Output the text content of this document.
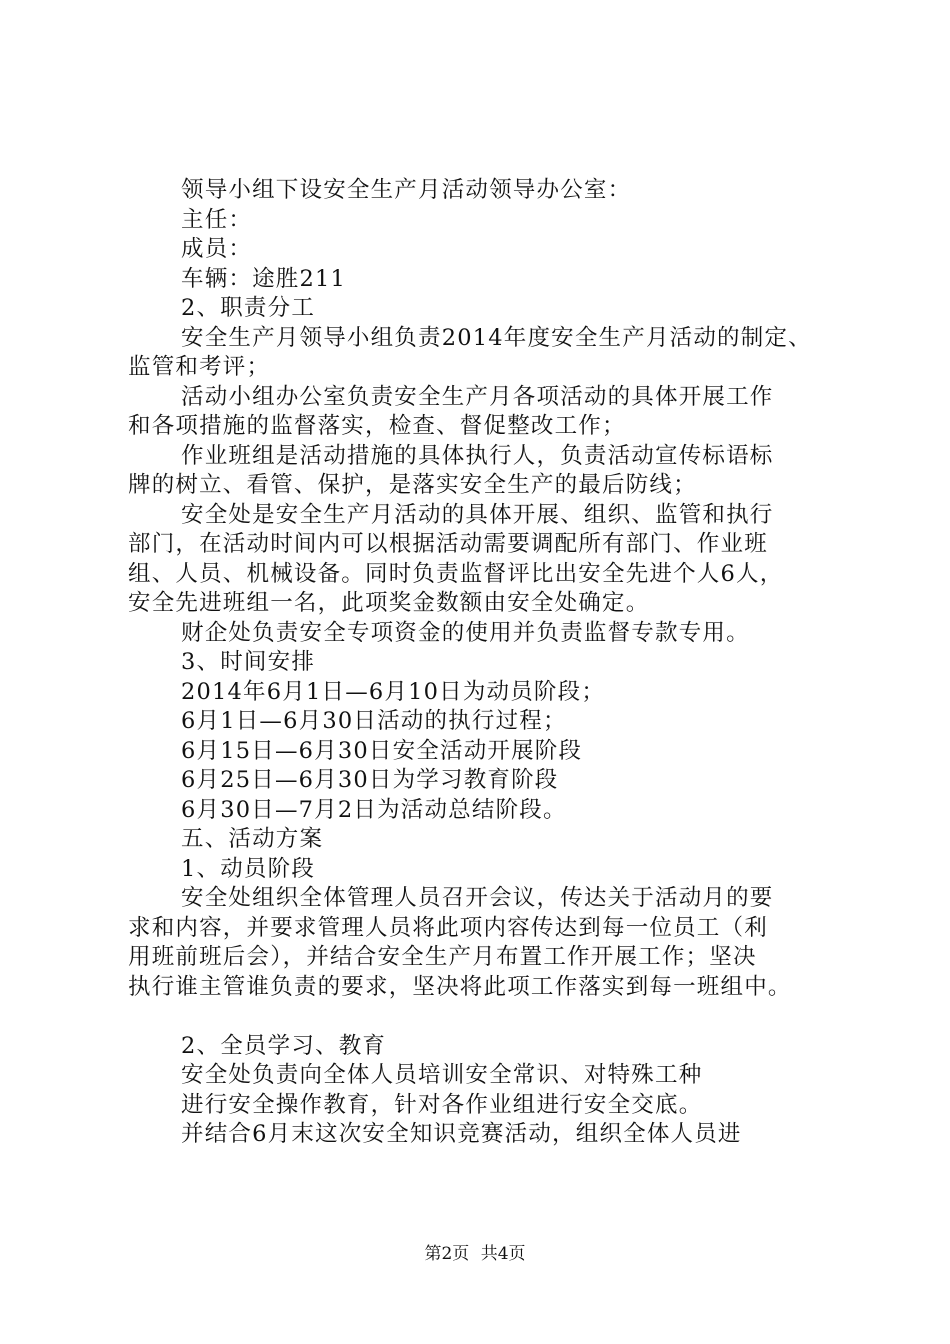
领导小组下设安全生产月活动领导办公室：
主任：
成员：
车辆：途胜211
2、职责分工
安全生产月领导小组负责2014年度安全生产月活动的制定、
监管和考评；
活动小组办公室负责安全生产月各项活动的具体开展工作
和各项措施的监督落实，检查、督促整改工作；
作业班组是活动措施的具体执行人，负责活动宣传标语标
牌的树立、看管、保护，是落实安全生产的最后防线；
安全处是安全生产月活动的具体开展、组织、监管和执行
部门，在活动时间内可以根据活动需要调配所有部门、作业班
组、人员、机械设备。同时负责监督评比出安全先进个人6人，
安全先进班组一名，此项奖金数额由安全处确定。
财企处负责安全专项资金的使用并负责监督专款专用。
3、时间安排
2014年6月1日—6月10日为动员阶段；
6月1日—6月30日活动的执行过程；
6月15日—6月30日安全活动开展阶段
6月25日—6月30日为学习教育阶段
6月30日—7月2日为活动总结阶段。
五、活动方案
1、动员阶段
安全处组织全体管理人员召开会议，传达关于活动月的要
求和内容，并要求管理人员将此项内容传达到每一位员工（利
用班前班后会），并结合安全生产月布置工作开展工作；坚决
执行谁主管谁负责的要求，坚决将此项工作落实到每一班组中。
2、全员学习、教育
安全处负责向全体人员培训安全常识、对特殊工种
进行安全操作教育，针对各作业组进行安全交底。
并结合6月末这次安全知识竞赛活动，组织全体人员进
第2页 共4页
